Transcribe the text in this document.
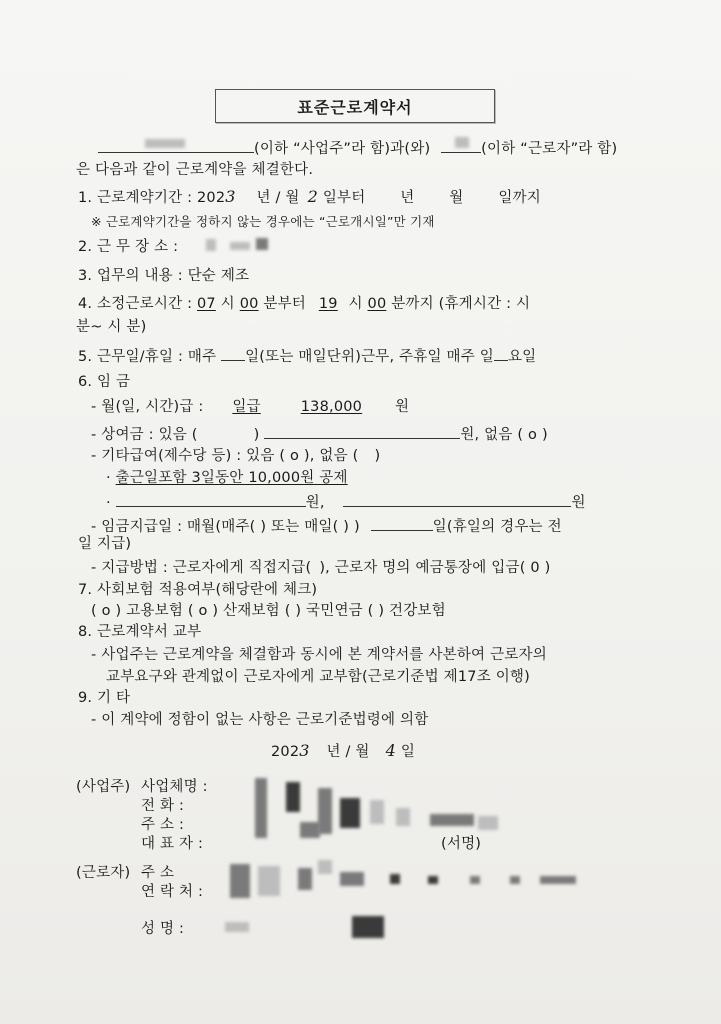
표준근로계약서
(이하 “사업주”라 함)과(와)	(이하 “근로자”라 함)
은 다음과 같이 근로계약을 체결한다.
1. 근로계약기간 : 2023 년 / 월 2 일부터 년 월 일까지
※ 근로계약기간을 정하지 않는 경우에는 “근로개시일”만 기재
2. 근 무 장 소 :
3. 업무의 내용 : 단순 제조
4. 소정근로시간 : 07 시 00 분부터 19 시 00 분까지 (휴게시간 : 시
분~ 시 분)
5. 근무일/휴일 : 매주 일(또는 매일단위)근무, 주휴일 매주 일 요일
6. 임 금
- 월(일, 시간)급 : 일급	138,000 원
- 상여금 : 있음 (	)	원, 없음 ( o )
- 기타급여(제수당 등) : 있음 ( o ), 없음 ( )
· 출근일포함 3일동안 10,000원 공제
·	원,	원
- 임금지급일 : 매월(매주( ) 또는 매일( ) )	일(휴일의 경우는 전
일 지급)
- 지급방법 : 근로자에게 직접지급( ), 근로자 명의 예금통장에 입금( 0 )
7. 사회보험 적용여부(해당란에 체크)
( o ) 고용보험 ( o ) 산재보험 ( ) 국민연금 ( ) 건강보험
8. 근로계약서 교부
- 사업주는 근로계약을 체결함과 동시에 본 계약서를 사본하여 근로자의
교부요구와 관계없이 근로자에게 교부함(근로기준법 제17조 이행)
9. 기 타
- 이 계약에 정함이 없는 사항은 근로기준법령에 의함
2023 년 / 월 4 일
(사업주) 사업체명 :
전 화 :
주 소 :
대 표 자 :	(서명)
(근로자) 주 소
연 락 처 :
성 명 :
